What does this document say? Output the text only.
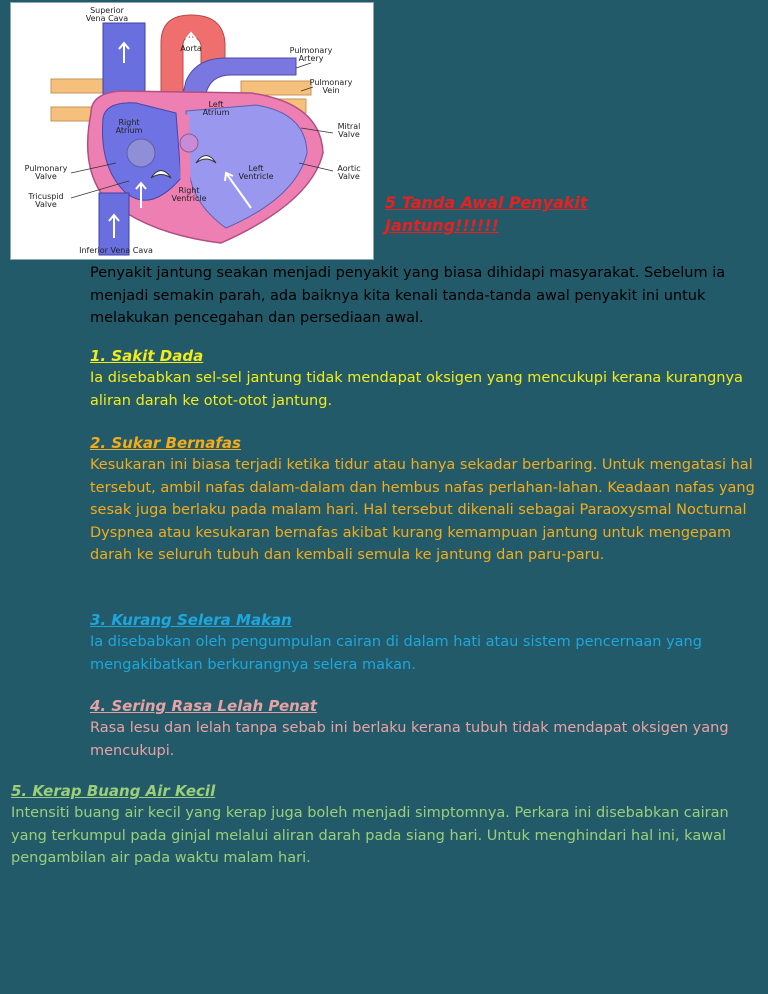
Superior
Vena Cava
Aorta	Pulmonary
Artery
Pulmonary
Vein
Left
Atrium
Right
Atrium	Mitral
Valve
Pulmonary
Valve
Left
Ventricle
Aortic
Valve
Tricuspid
Valve
Right
Ventricle
Inferior Vena Cava
5 Tanda Awal Penyakit Jantung!!!!!!
Penyakit jantung seakan menjadi penyakit yang biasa dihidapi masyarakat. Sebelum ia menjadi semakin parah, ada baiknya kita kenali tanda-tanda awal penyakit ini untuk melakukan pencegahan dan persediaan awal.
1. Sakit Dada
Ia disebabkan sel-sel jantung tidak mendapat oksigen yang mencukupi kerana kurangnya aliran darah ke otot-otot jantung.
2. Sukar Bernafas
Kesukaran ini biasa terjadi ketika tidur atau hanya sekadar berbaring. Untuk mengatasi hal tersebut, ambil nafas dalam-dalam dan hembus nafas perlahan-lahan. Keadaan nafas yang sesak juga berlaku pada malam hari. Hal tersebut dikenali sebagai Paraoxysmal Nocturnal Dyspnea atau kesukaran bernafas akibat kurang kemampuan jantung untuk mengepam darah ke seluruh tubuh dan kembali semula ke jantung dan paru-paru.
3. Kurang Selera Makan
Ia disebabkan oleh pengumpulan cairan di dalam hati atau sistem pencernaan yang mengakibatkan berkurangnya selera makan.
4. Sering Rasa Lelah Penat
Rasa lesu dan lelah tanpa sebab ini berlaku kerana tubuh tidak mendapat oksigen yang mencukupi.
5. Kerap Buang Air Kecil
Intensiti buang air kecil yang kerap juga boleh menjadi simptomnya. Perkara ini disebabkan cairan yang terkumpul pada ginjal melalui aliran darah pada siang hari. Untuk menghindari hal ini, kawal pengambilan air pada waktu malam hari.
